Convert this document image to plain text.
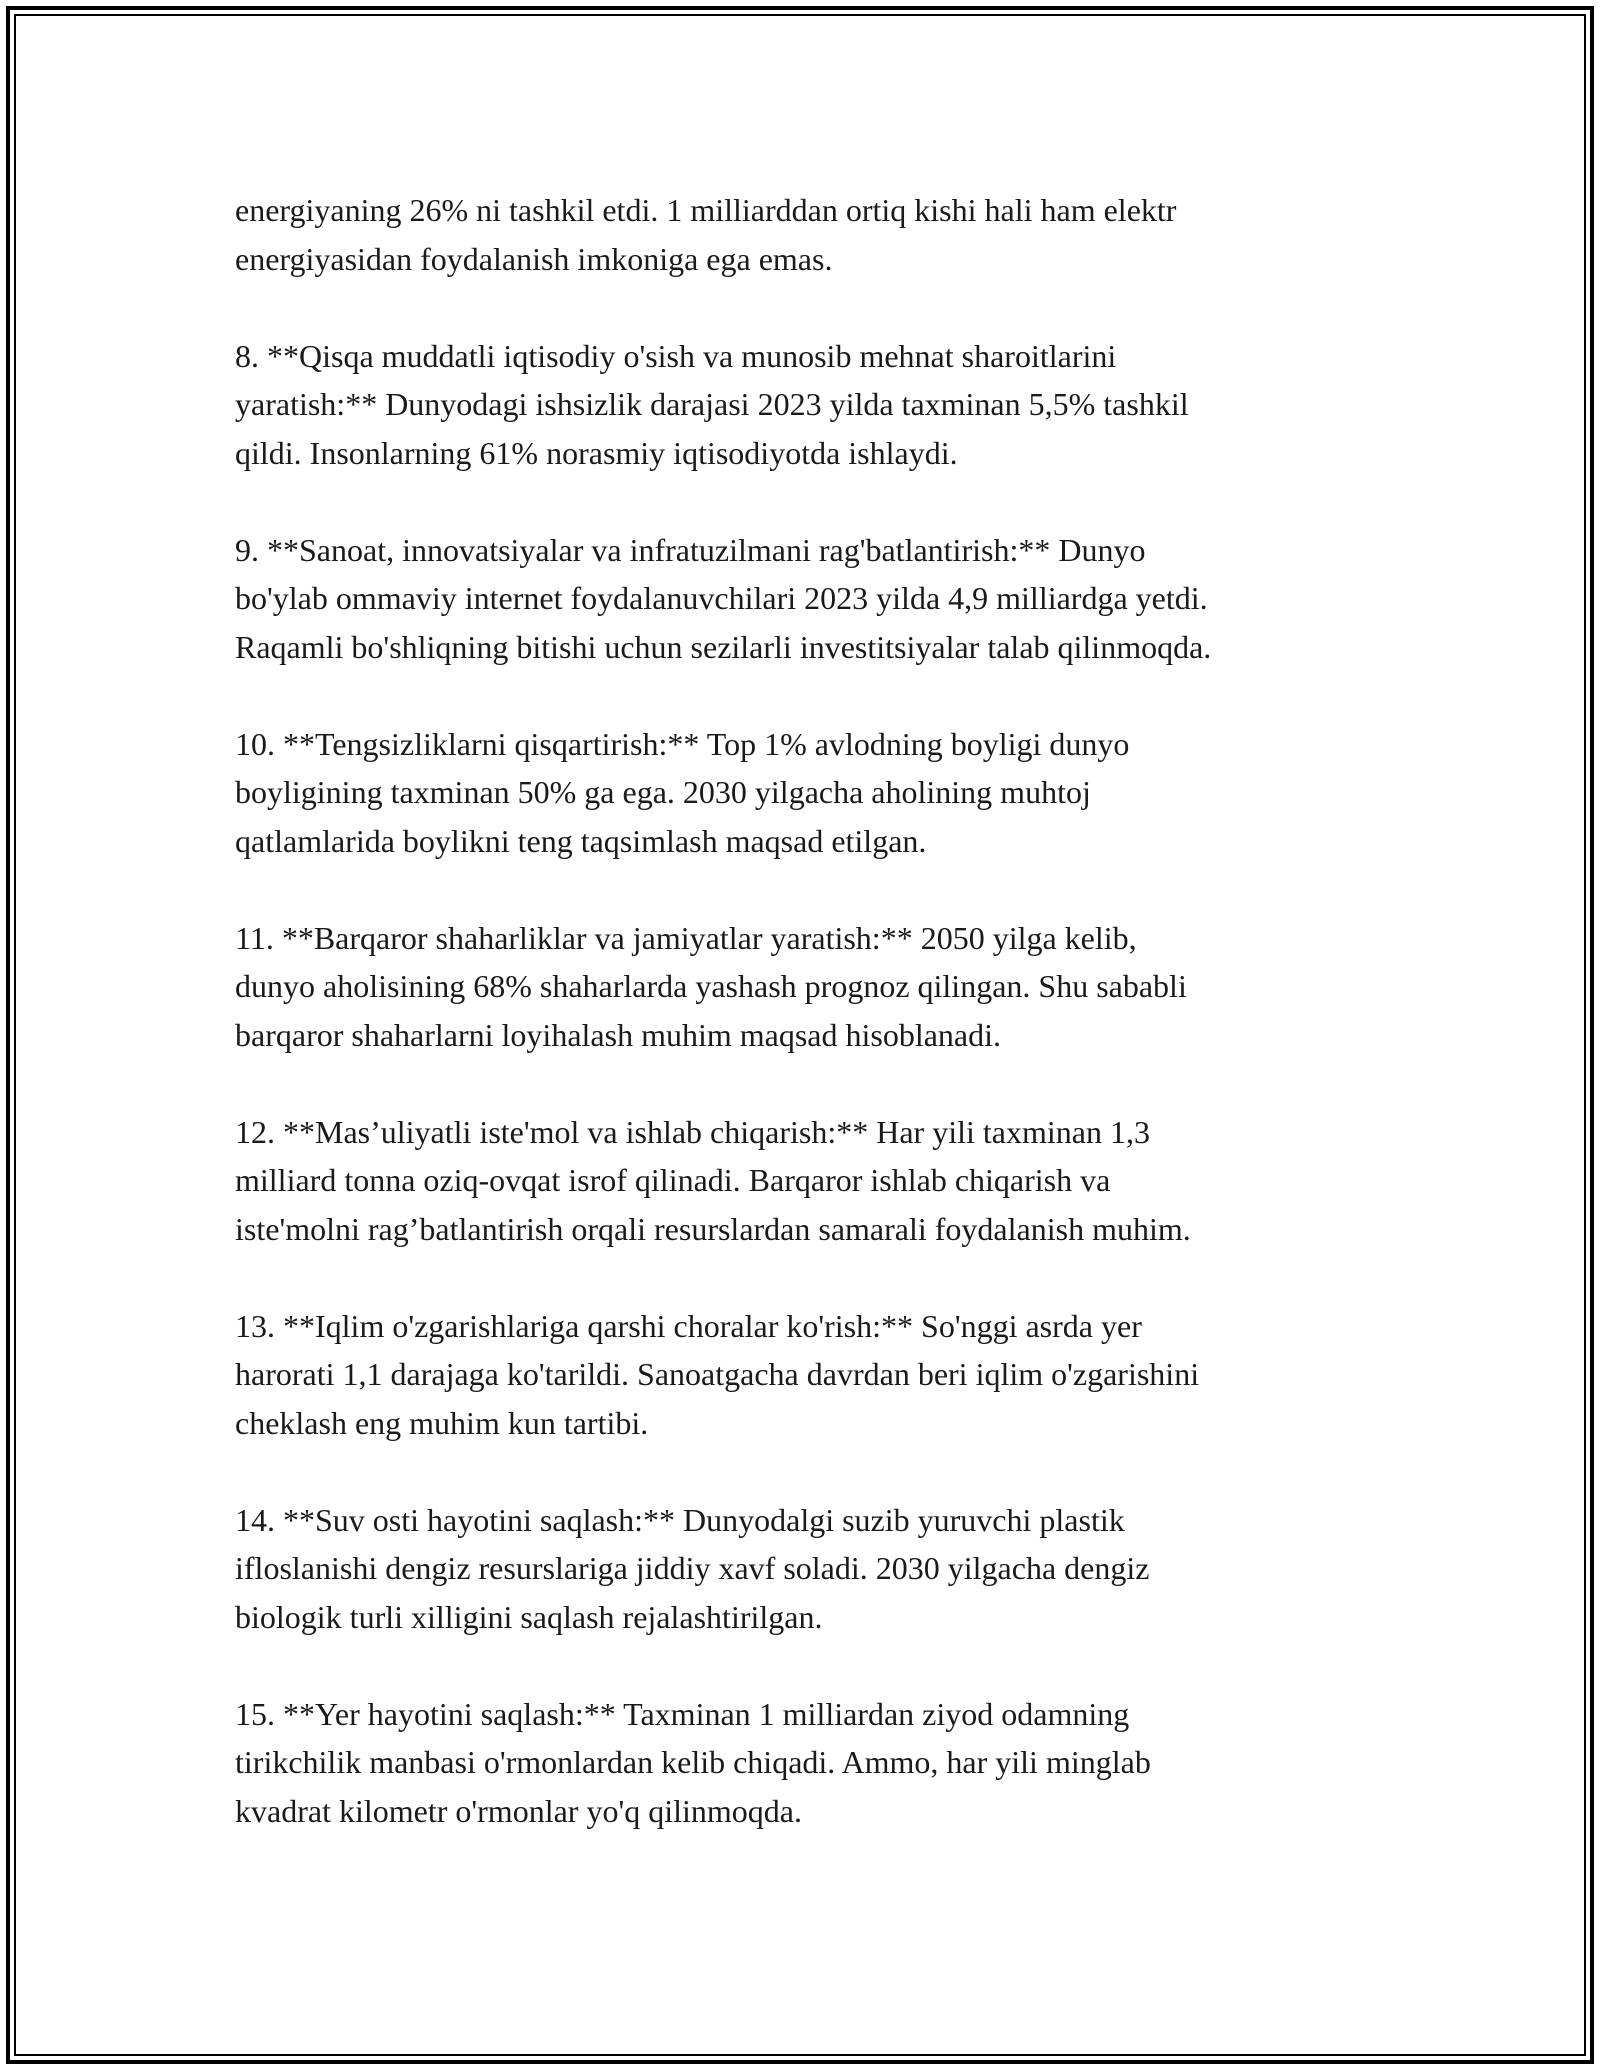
energiyaning 26% ni tashkil etdi. 1 milliarddan ortiq kishi hali ham elektr
energiyasidan foydalanish imkoniga ega emas.

8. **Qisqa muddatli iqtisodiy o'sish va munosib mehnat sharoitlarini
yaratish:** Dunyodagi ishsizlik darajasi 2023 yilda taxminan 5,5% tashkil
qildi. Insonlarning 61% norasmiy iqtisodiyotda ishlaydi.

9. **Sanoat, innovatsiyalar va infratuzilmani rag'batlantirish:** Dunyo
bo'ylab ommaviy internet foydalanuvchilari 2023 yilda 4,9 milliardga yetdi.
Raqamli bo'shliqning bitishi uchun sezilarli investitsiyalar talab qilinmoqda.

10. **Tengsizliklarni qisqartirish:** Top 1% avlodning boyligi dunyo
boyligining taxminan 50% ga ega. 2030 yilgacha aholining muhtoj
qatlamlarida boylikni teng taqsimlash maqsad etilgan.

11. **Barqaror shaharliklar va jamiyatlar yaratish:** 2050 yilga kelib,
dunyo aholisining 68% shaharlarda yashash prognoz qilingan. Shu sababli
barqaror shaharlarni loyihalash muhim maqsad hisoblanadi.

12. **Mas’uliyatli iste'mol va ishlab chiqarish:** Har yili taxminan 1,3
milliard tonna oziq-ovqat isrof qilinadi. Barqaror ishlab chiqarish va
iste'molni rag’batlantirish orqali resurslardan samarali foydalanish muhim.

13. **Iqlim o'zgarishlariga qarshi choralar ko'rish:** So'nggi asrda yer
harorati 1,1 darajaga ko'tarildi. Sanoatgacha davrdan beri iqlim o'zgarishini
cheklash eng muhim kun tartibi.

14. **Suv osti hayotini saqlash:** Dunyodalgi suzib yuruvchi plastik
ifloslanishi dengiz resurslariga jiddiy xavf soladi. 2030 yilgacha dengiz
biologik turli xilligini saqlash rejalashtirilgan.

15. **Yer hayotini saqlash:** Taxminan 1 milliardan ziyod odamning
tirikchilik manbasi o'rmonlardan kelib chiqadi. Ammo, har yili minglab
kvadrat kilometr o'rmonlar yo'q qilinmoqda.
